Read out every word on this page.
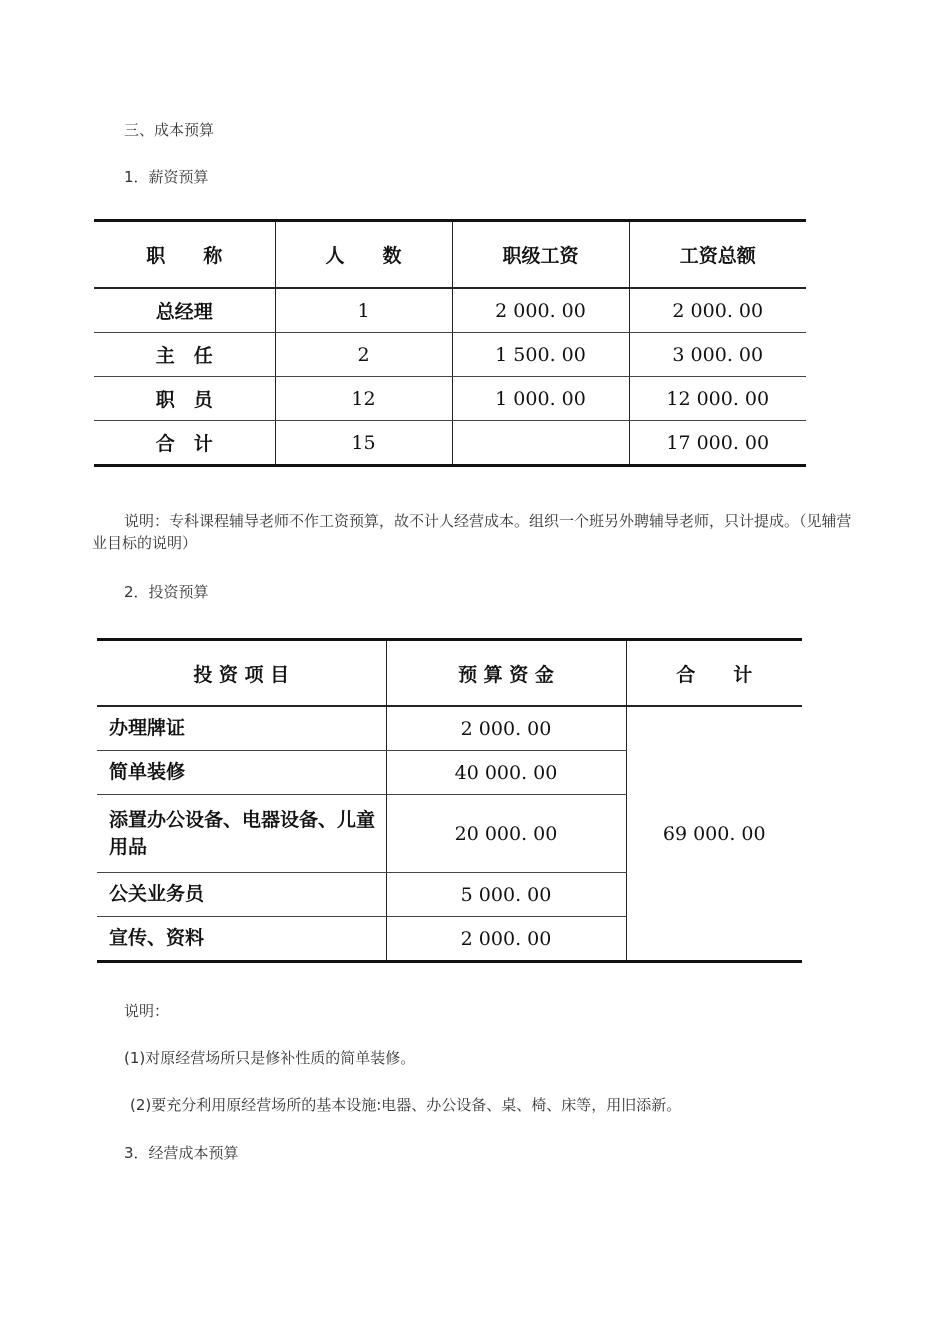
三、成本预算
1．薪资预算
职　　称	人　　数	职级工资	工资总额
总经理	1	2 000. 00	2 000. 00
主　任	2	1 500. 00	3 000. 00
职　员	12	1 000. 00	12 000. 00
合　计	15		17 000. 00
说明：专科课程辅导老师不作工资预算，故不计人经营成本。组织一个班另外聘辅导老师，只计提成。（见辅营业目标的说明）
2．投资预算
投 资 项 目	预 算 资 金	合　　计
办理牌证	2 000. 00	69 000. 00
简单装修	40 000. 00	
添置办公设备、电器设备、儿童用品	20 000. 00	
公关业务员	5 000. 00	
宣传、资料	2 000. 00	
说明：
(1)对原经营场所只是修补性质的简单装修。
(2)要充分利用原经营场所的基本设施:电器、办公设备、桌、椅、床等，用旧添新。
3．经营成本预算
